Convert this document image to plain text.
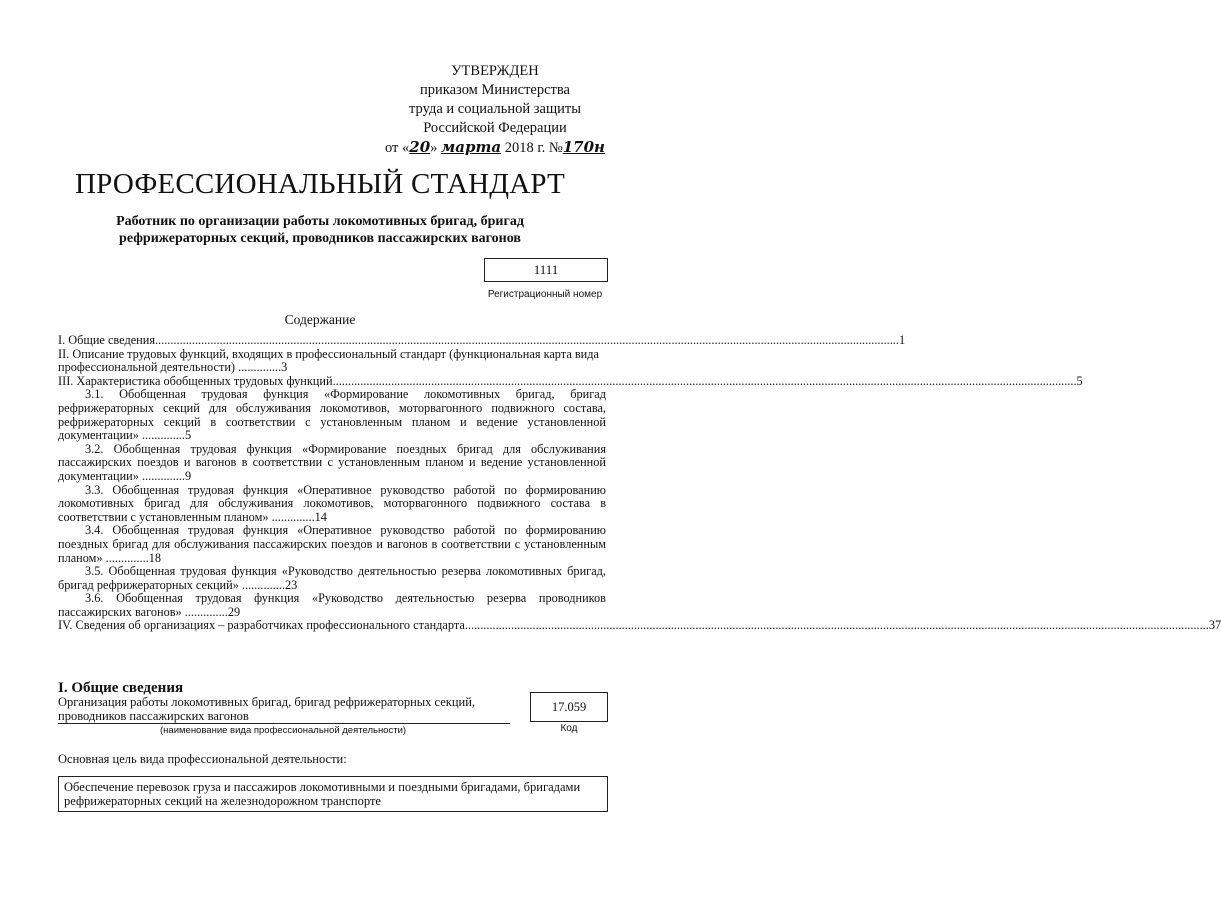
УТВЕРЖДЕН
приказом Министерства
труда и социальной защиты
Российской Федерации
от «20» марта 2018 г. №170н
ПРОФЕССИОНАЛЬНЫЙ СТАНДАРТ
Работник по организации работы локомотивных бригад, бригад
рефрижераторных секций, проводников пассажирских вагонов
1111
Регистрационный номер
Содержание
I. Общие сведения .................................................................................................................................................................................................................................................. 1
II. Описание трудовых функций, входящих в профессиональный стандарт (функциональная карта вида профессиональной деятельности) ..............3
III. Характеристика обобщенных трудовых функций .................................................................................................................................................................................................................................................. 5
3.1. Обобщенная трудовая функция «Формирование локомотивных бригад, бригад рефрижераторных секций для обслуживания локомотивов, моторвагонного подвижного состава, рефрижераторных секций в соответствии с установленным планом и ведение установленной документации» ..............5
3.2. Обобщенная трудовая функция «Формирование поездных бригад для обслуживания пассажирских поездов и вагонов в соответствии с установленным планом и ведение установленной документации» ..............9
3.3. Обобщенная трудовая функция «Оперативное руководство работой по формированию локомотивных бригад для обслуживания локомотивов, моторвагонного подвижного состава в соответствии с установленным планом» ..............14
3.4. Обобщенная трудовая функция «Оперативное руководство работой по формированию поездных бригад для обслуживания пассажирских поездов и вагонов в соответствии с установленным планом» ..............18
3.5. Обобщенная трудовая функция «Руководство деятельностью резерва локомотивных бригад, бригад рефрижераторных секций» ..............23
3.6. Обобщенная трудовая функция «Руководство деятельностью резерва проводников пассажирских вагонов» ..............29
IV. Сведения об организациях – разработчиках профессионального стандарта .................................................................................................................................................................................................................................................. 37
I. Общие сведения
Организация работы локомотивных бригад, бригад рефрижераторных секций, проводников пассажирских вагонов
(наименование вида профессиональной деятельности)
17.059
Код
Основная цель вида профессиональной деятельности:
Обеспечение перевозок груза и пассажиров локомотивными и поездными бригадами, бригадами рефрижераторных секций на железнодорожном транспорте
